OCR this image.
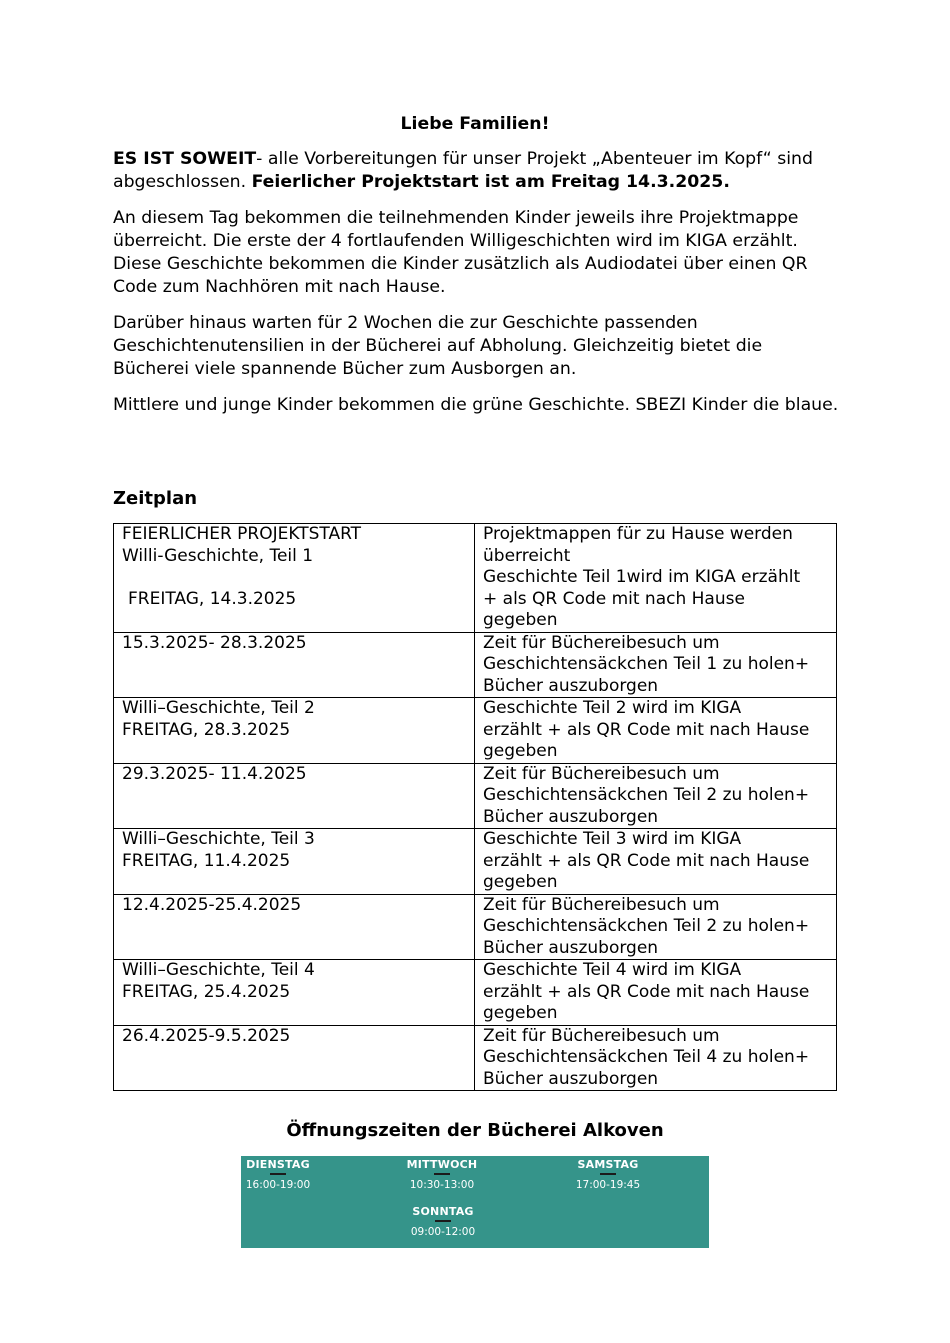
Liebe Familien!

ES IST SOWEIT- alle Vorbereitungen für unser Projekt „Abenteuer im Kopf“ sind abgeschlossen. Feierlicher Projektstart ist am Freitag 14.3.2025.

An diesem Tag bekommen die teilnehmenden Kinder jeweils ihre Projektmappe überreicht. Die erste der 4 fortlaufenden Willigeschichten wird im KIGA erzählt. Diese Geschichte bekommen die Kinder zusätzlich als Audiodatei über einen QR Code zum Nachhören mit nach Hause.

Darüber hinaus warten für 2 Wochen die zur Geschichte passenden Geschichtenutensilien in der Bücherei auf Abholung. Gleichzeitig bietet die Bücherei viele spannende Bücher zum Ausborgen an.

Mittlere und junge Kinder bekommen die grüne Geschichte. SBEZI Kinder die blaue.

Zeitplan
FEIERLICHER PROJEKTSTART
Willi-Geschichte, Teil 1
FREITAG, 14.3.2025	Projektmappen für zu Hause werden
überreicht
Geschichte Teil 1wird im KIGA erzählt
+ als QR Code mit nach Hause
gegeben

15.3.2025- 28.3.2025	Zeit für Büchereibesuch um
Geschichtensäckchen Teil 1 zu holen+
Bücher auszuborgen

Willi–Geschichte, Teil 2
FREITAG, 28.3.2025	Geschichte Teil 2 wird im KIGA
erzählt + als QR Code mit nach Hause
gegeben

29.3.2025- 11.4.2025	Zeit für Büchereibesuch um
Geschichtensäckchen Teil 2 zu holen+
Bücher auszuborgen

Willi–Geschichte, Teil 3
FREITAG, 11.4.2025	Geschichte Teil 3 wird im KIGA
erzählt + als QR Code mit nach Hause
gegeben

12.4.2025-25.4.2025	Zeit für Büchereibesuch um
Geschichtensäckchen Teil 2 zu holen+
Bücher auszuborgen

Willi–Geschichte, Teil 4
FREITAG, 25.4.2025	Geschichte Teil 4 wird im KIGA
erzählt + als QR Code mit nach Hause
gegeben

26.4.2025-9.5.2025	Zeit für Büchereibesuch um
Geschichtensäckchen Teil 4 zu holen+
Bücher auszuborgen
Öffnungszeiten der Bücherei Alkoven
DIENSTAG
16:00-19:00
MITTWOCH
10:30-13:00
SAMSTAG
17:00-19:45
SONNTAG
09:00-12:00
